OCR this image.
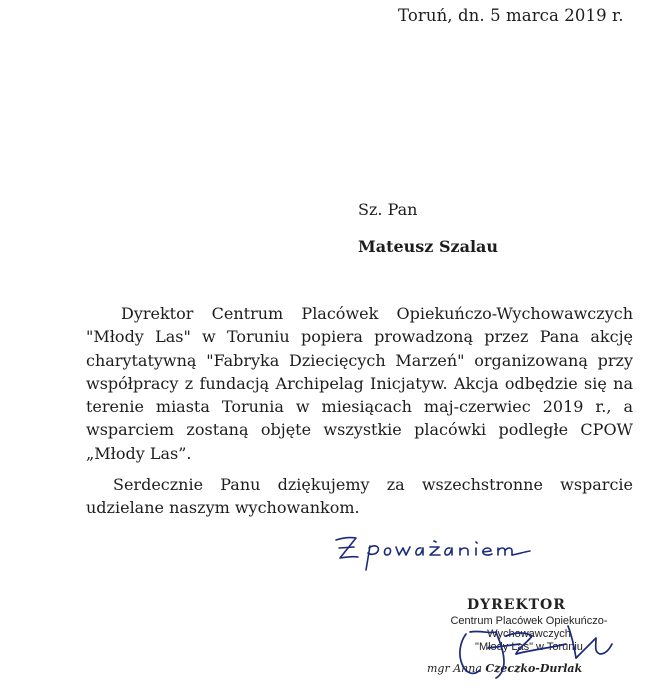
Toruń, dn. 5 marca 2019 r.
Sz. Pan
Mateusz Szalau

Dyrektor Centrum Placówek Opiekuńczo-Wychowawczych "Młody Las" w Toruniu popiera prowadzoną przez Pana akcję charytatywną "Fabryka Dziecięcych Marzeń" organizowaną przy współpracy z fundacją Archipelag Inicjatyw. Akcja odbędzie się na terenie miasta Torunia w miesiącach maj-czerwiec 2019 r., a wsparciem zostaną objęte wszystkie placówki podległe CPOW „Młody Las”.

Serdecznie Panu dziękujemy za wszechstronne wsparcie udzielane naszym wychowankom.

DYREKTOR
Centrum Placówek Opiekuńczo-Wychowawczych
"Młody Las" w Toruniu
mgr Anna Czeczko-Durlak
